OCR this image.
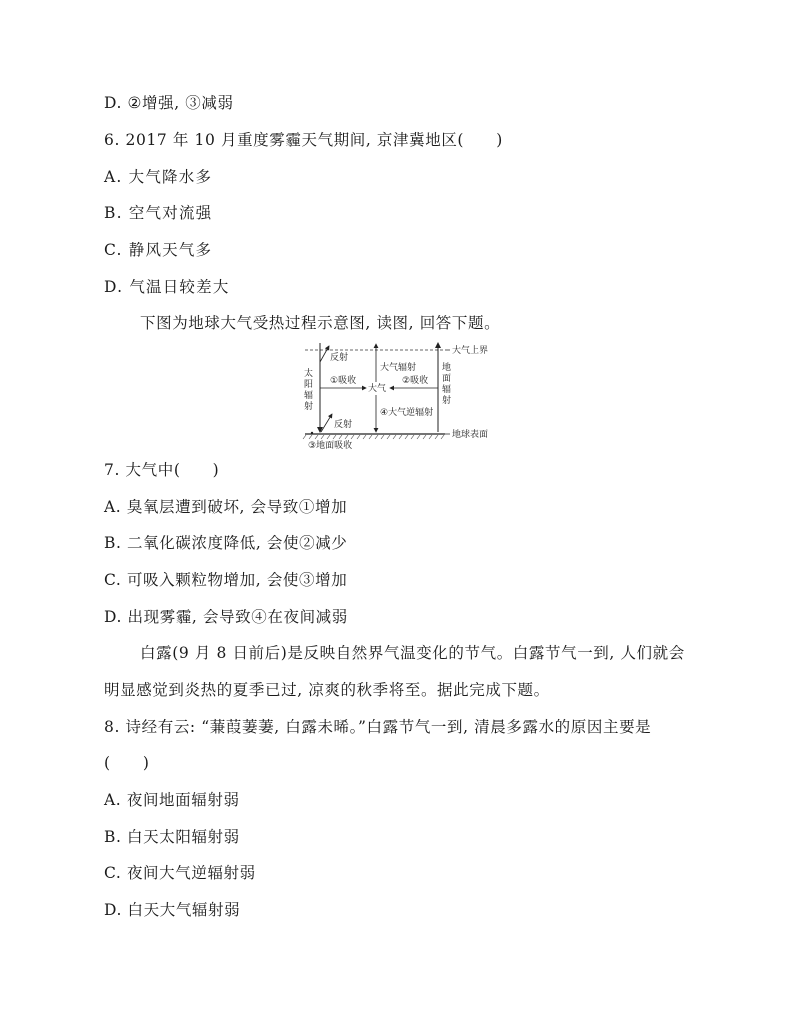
D. ②增强, ③减弱
6. 2017 年 10 月重度雾霾天气期间, 京津冀地区(　　)
A. 大气降水多
B. 空气对流强
C. 静风天气多
D. 气温日较差大
下图为地球大气受热过程示意图, 读图, 回答下题。
大气上界
地球表面
太
阳
辐
射
反射
①吸收
大气
反射
③地面吸收
大气辐射
④大气逆辐射
地
面
辐
射
②吸收
7. 大气中(　　)
A. 臭氧层遭到破坏, 会导致①增加
B. 二氧化碳浓度降低, 会使②减少
C. 可吸入颗粒物增加, 会使③增加
D. 出现雾霾, 会导致④在夜间减弱
白露(9 月 8 日前后)是反映自然界气温变化的节气。白露节气一到, 人们就会
明显感觉到炎热的夏季已过, 凉爽的秋季将至。据此完成下题。
8. 诗经有云: “蒹葭萋萋, 白露未晞。”白露节气一到, 清晨多露水的原因主要是
(　　)
A. 夜间地面辐射弱
B. 白天太阳辐射弱
C. 夜间大气逆辐射弱
D. 白天大气辐射弱
